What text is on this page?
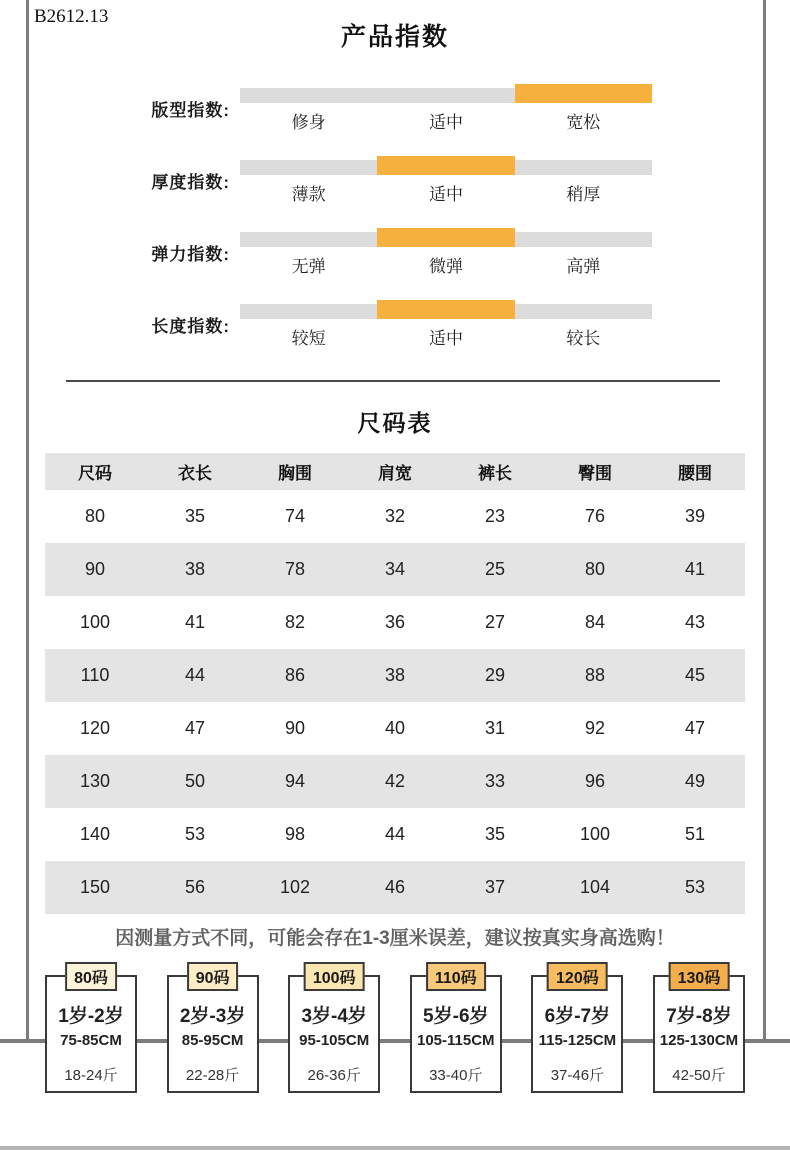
B2612.13
产品指数
版型指数:
修身	适中	宽松
厚度指数:
薄款	适中	稍厚
弹力指数:
无弹	微弹	高弹
长度指数:
较短	适中	较长
尺码表
尺码	衣长	胸围	肩宽	裤长	臀围	腰围
80	35	74	32	23	76	39
90	38	78	34	25	80	41
100	41	82	36	27	84	43
110	44	86	38	29	88	45
120	47	90	40	31	92	47
130	50	94	42	33	96	49
140	53	98	44	35	100	51
150	56	102	46	37	104	53
因测量方式不同，可能会存在1-3厘米误差，建议按真实身高选购！
80码
1岁-2岁
75-85CM
18-24斤
90码
2岁-3岁
85-95CM
22-28斤
100码
3岁-4岁
95-105CM
26-36斤
110码
5岁-6岁
105-115CM
33-40斤
120码
6岁-7岁
115-125CM
37-46斤
130码
7岁-8岁
125-130CM
42-50斤
